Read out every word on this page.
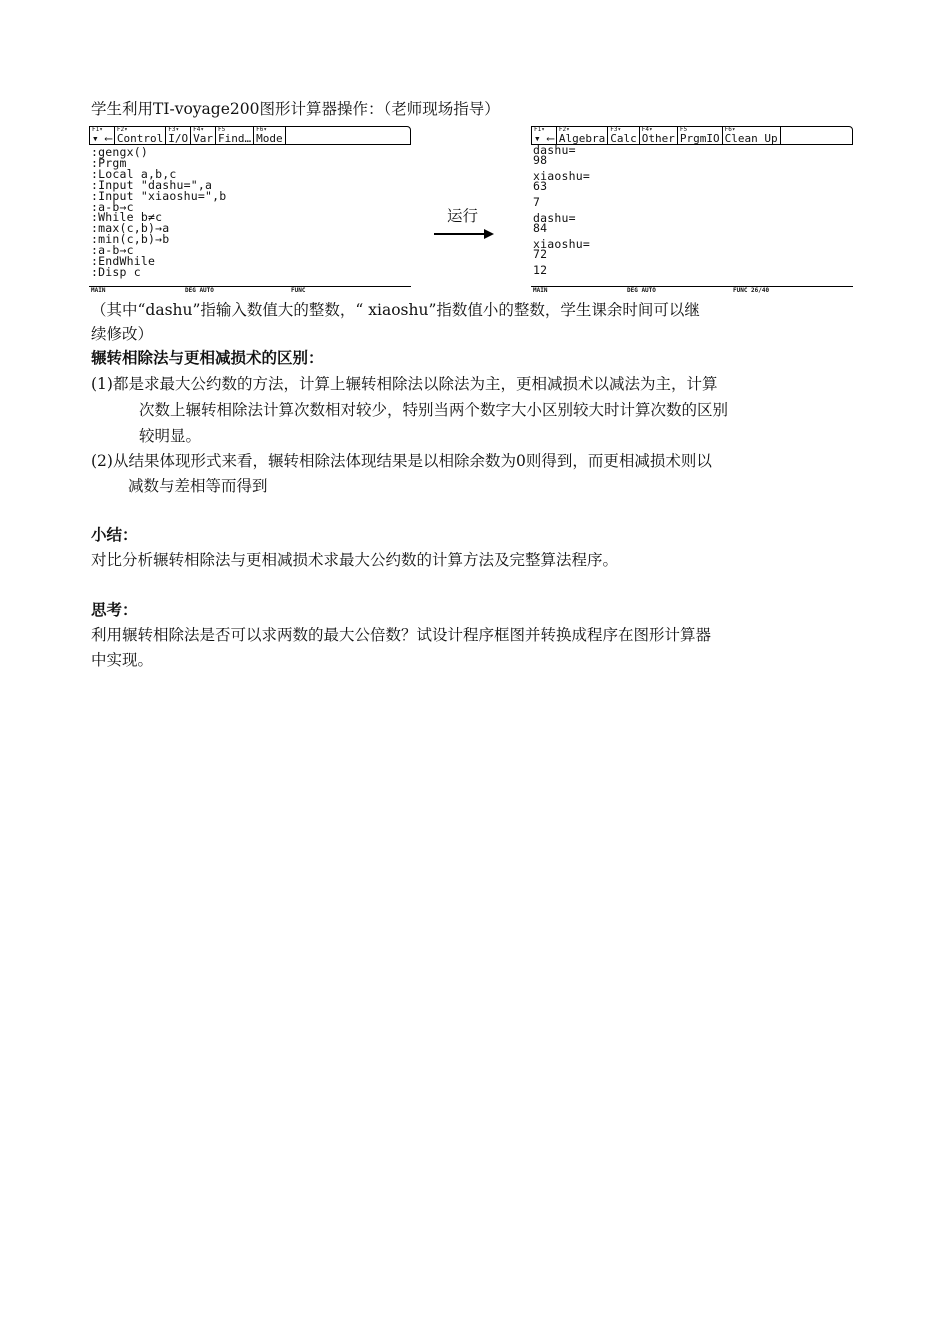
学生利用TI-voyage200图形计算器操作：（老师现场指导）
F1▾
▾ ⟵
F2▾
Control
F3▾
I/O
F4▾
Var
F5
Find…
F6▾
Mode
:gengx()
:Prgm
:Local a,b,c
:Input "dashu=",a
:Input "xiaoshu=",b
:a-b→c
:While b≠c
:max(c,b)→a
:min(c,b)→b
:a-b→c
:EndWhile
:Disp c
MAIN	DEG AUTO	FUNC
运行
F1▾
▾ ⟵
F2▾
Algebra
F3▾
Calc
F4▾
Other
F5
PrgmIO
F6▾
Clean Up
dashu=
98
xiaoshu=
63
7
dashu=
84
xiaoshu=
72
12
MAIN	DEG AUTO	FUNC 26/40
（其中“dashu”指输入数值大的整数，“ xiaoshu”指数值小的整数，学生课余时间可以继
续修改）
辗转相除法与更相减损术的区别：
(1)都是求最大公约数的方法，计算上辗转相除法以除法为主，更相减损术以减法为主，计算
次数上辗转相除法计算次数相对较少，特别当两个数字大小区别较大时计算次数的区别
较明显。
(2)从结果体现形式来看，辗转相除法体现结果是以相除余数为0则得到，而更相减损术则以
减数与差相等而得到
小结：
对比分析辗转相除法与更相减损术求最大公约数的计算方法及完整算法程序。
思考：
利用辗转相除法是否可以求两数的最大公倍数？试设计程序框图并转换成程序在图形计算器
中实现。
